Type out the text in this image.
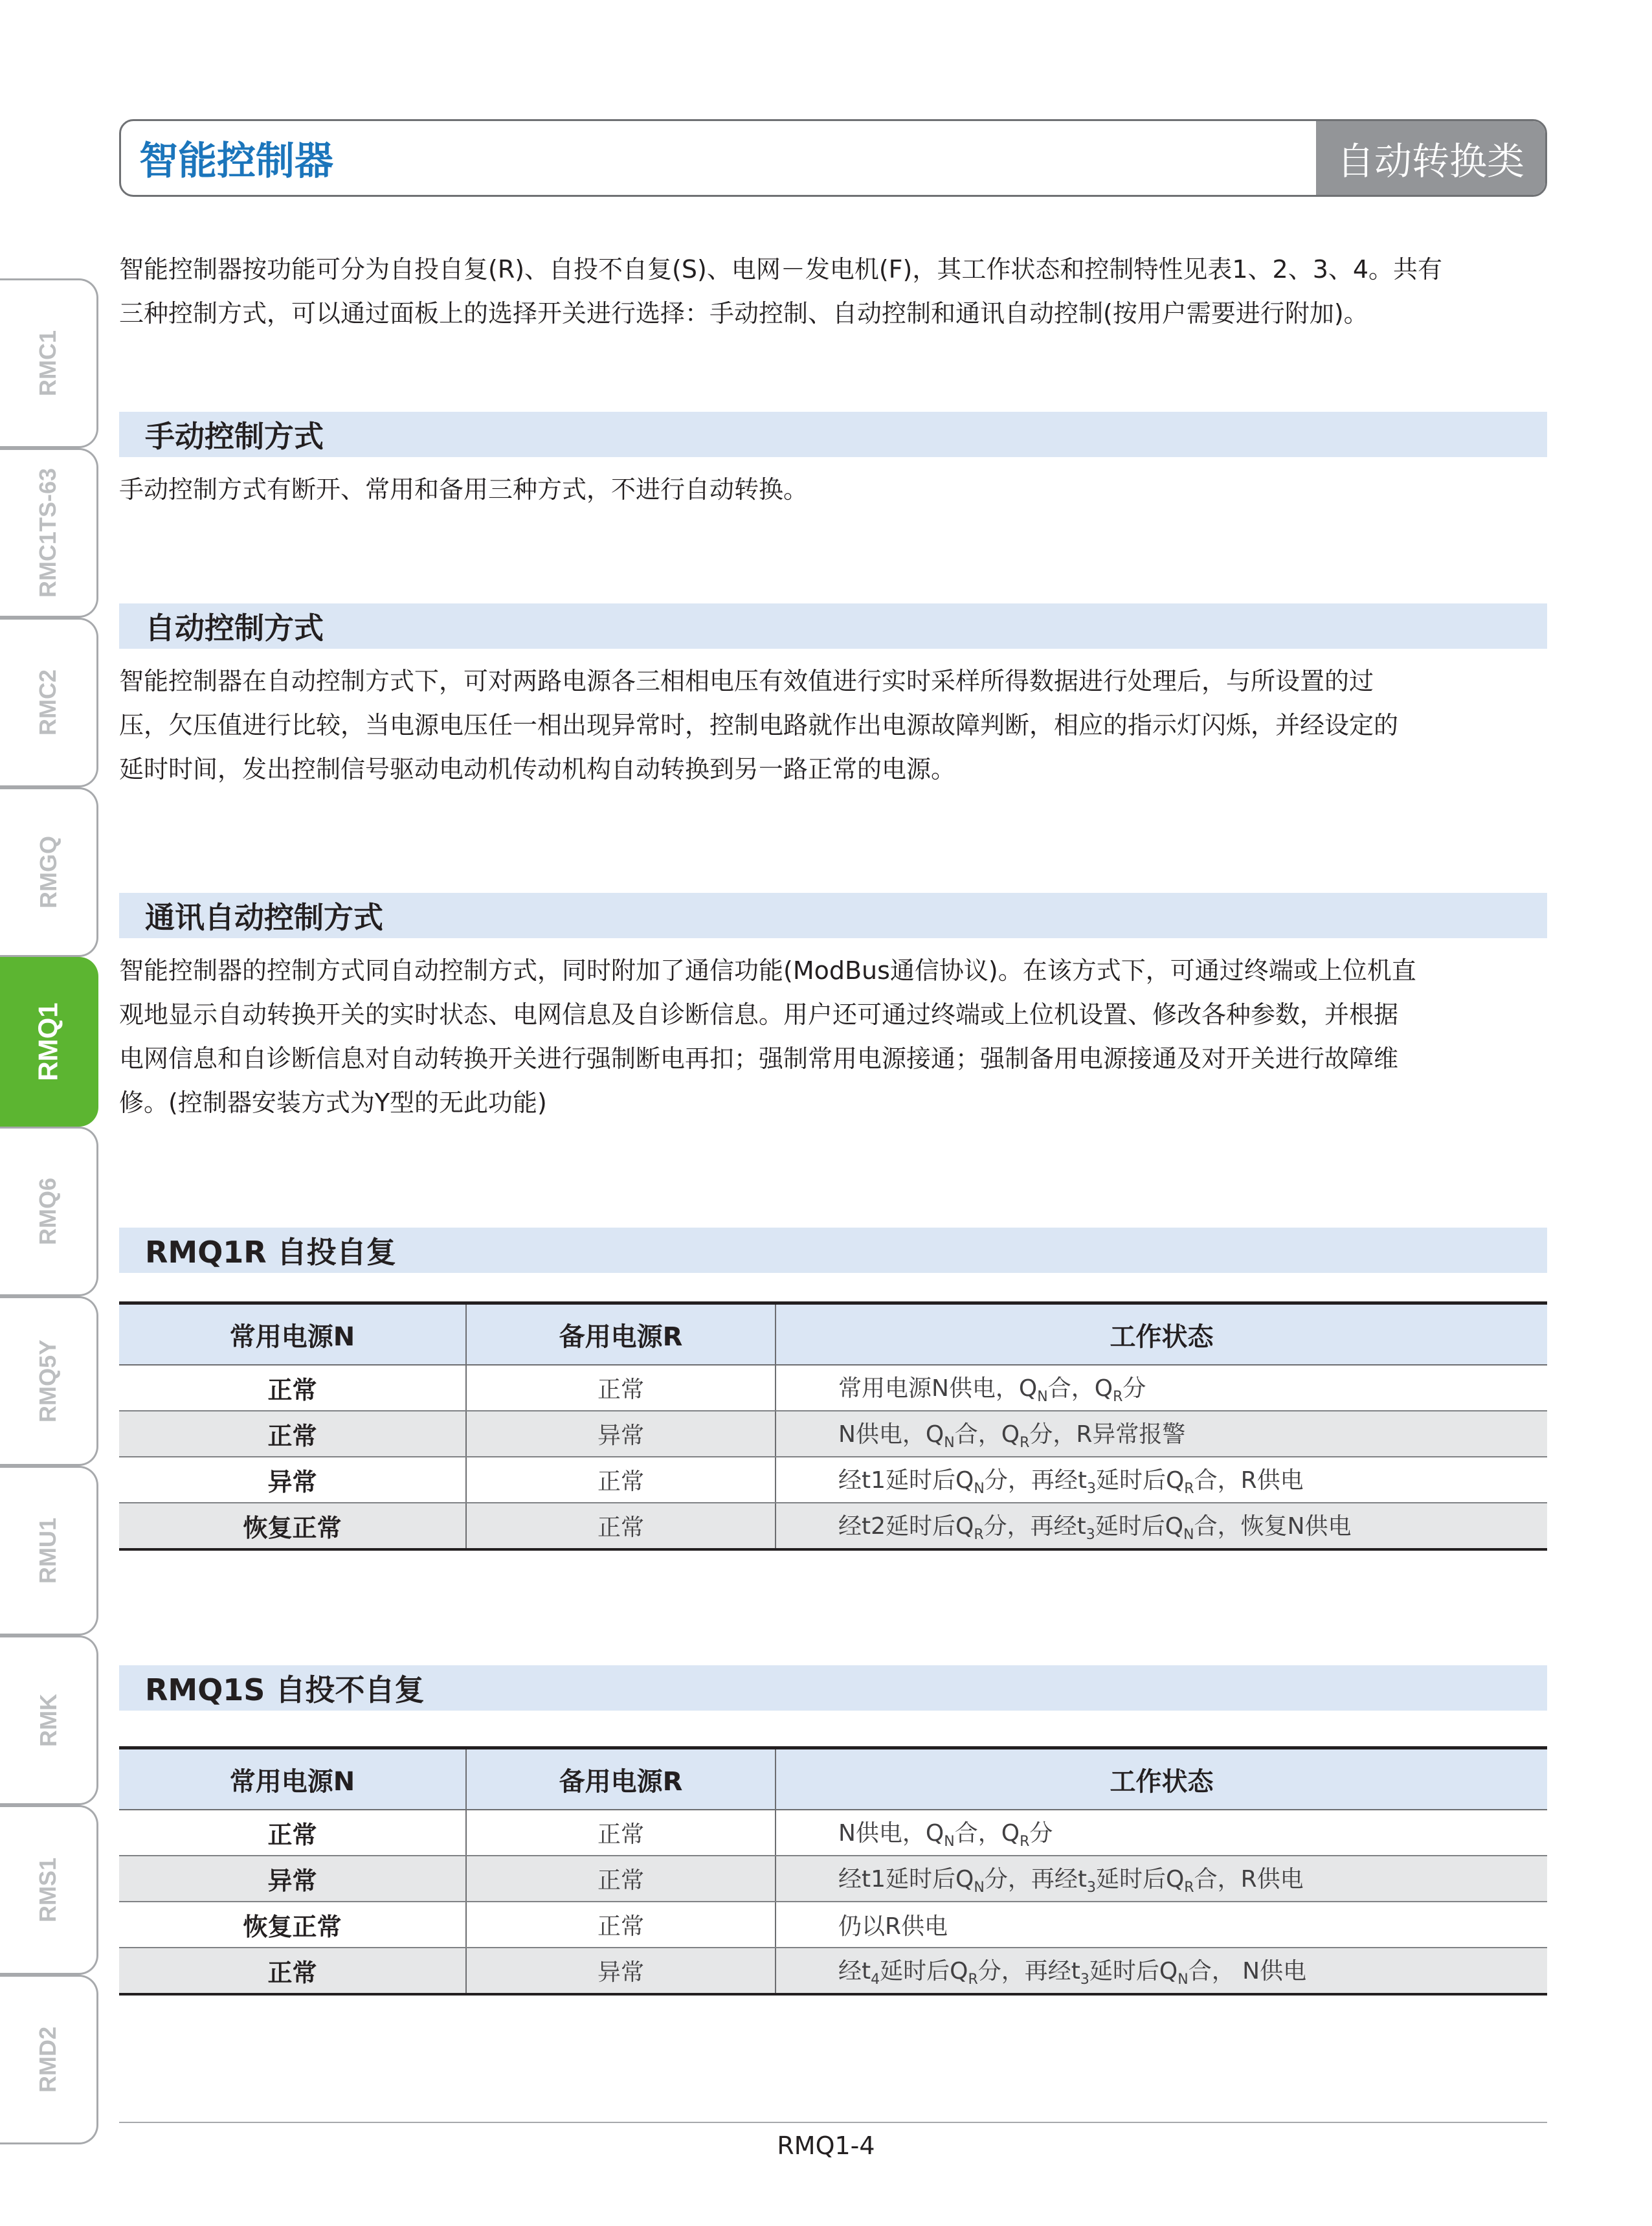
智能控制器	自动转换类
RMC1
RMC1TS-63
RMC2
RMGQ
RMQ1
RMQ6
RMQ5Y
RMU1
RMK
RMS1
RMD2
智能控制器按功能可分为自投自复(R)、自投不自复(S)、电网－发电机(F)，其工作状态和控制特性见表1、2、3、4。共有
三种控制方式，可以通过面板上的选择开关进行选择：手动控制、自动控制和通讯自动控制(按用户需要进行附加)。
手动控制方式
手动控制方式有断开、常用和备用三种方式，不进行自动转换。
自动控制方式
智能控制器在自动控制方式下，可对两路电源各三相相电压有效值进行实时采样所得数据进行处理后，与所设置的过
压，欠压值进行比较，当电源电压任一相出现异常时，控制电路就作出电源故障判断，相应的指示灯闪烁，并经设定的
延时时间，发出控制信号驱动电动机传动机构自动转换到另一路正常的电源。
通讯自动控制方式
智能控制器的控制方式同自动控制方式，同时附加了通信功能(ModBus通信协议)。在该方式下，可通过终端或上位机直
观地显示自动转换开关的实时状态、电网信息及自诊断信息。用户还可通过终端或上位机设置、修改各种参数，并根据
电网信息和自诊断信息对自动转换开关进行强制断电再扣；强制常用电源接通；强制备用电源接通及对开关进行故障维
修。(控制器安装方式为Y型的无此功能)
RMQ1R 自投自复
常用电源N	备用电源R	工作状态
正常	正常	常用电源N供电，$Q_N$合，$Q_R$分
正常	异常	N供电，$Q_N$合，$Q_R$分，R异常报警
异常	正常	经t1延时后$Q_N$分，再经$t_3$延时后$Q_R$合，R供电
恢复正常	正常	经t2延时后$Q_R$分，再经$t_3$延时后$Q_N$合，恢复N供电
RMQ1S 自投不自复
常用电源N	备用电源R	工作状态
正常	正常	N供电，$Q_N$合，$Q_R$分
异常	正常	经t1延时后$Q_N$分，再经$t_3$延时后$Q_R$合，R供电
恢复正常	正常	仍以R供电
正常	异常	经$t_4$延时后$Q_R$分，再经$t_3$延时后$Q_N$合， N供电
RMQ1-4
